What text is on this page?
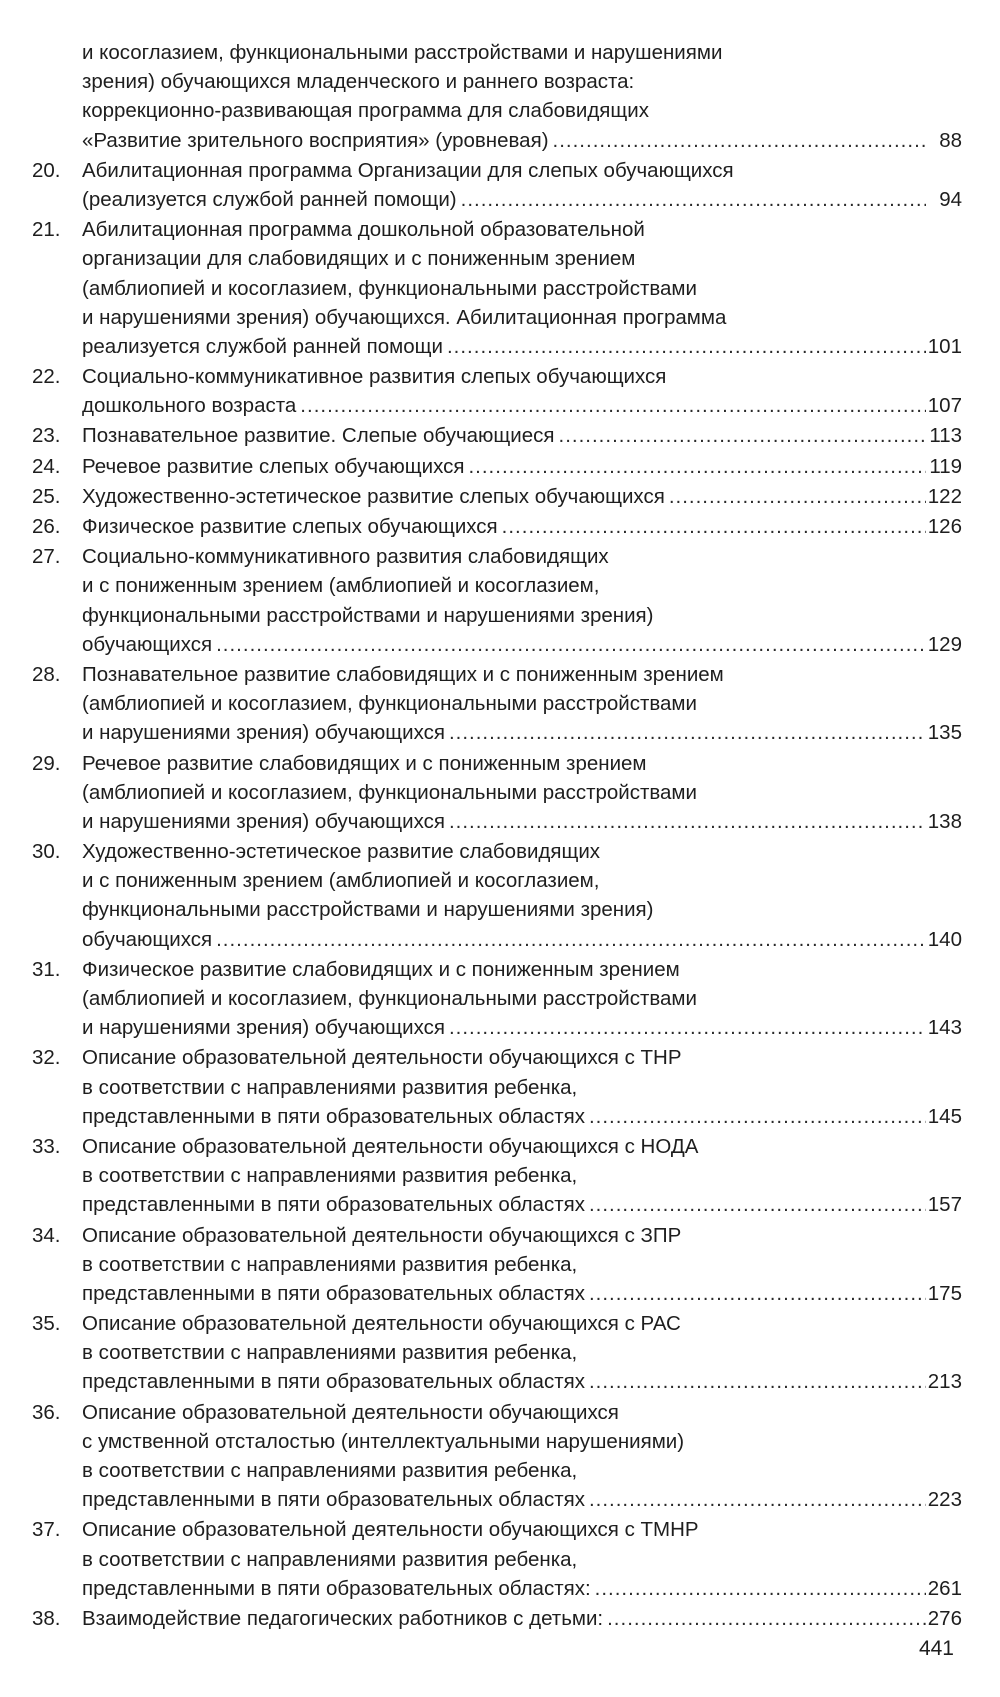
и косоглазием, функциональными расстройствами и нарушениями
зрения) обучающихся младенческого и раннего возраста:
коррекционно-развивающая программа для слабовидящих
«Развитие зрительного восприятия» (уровневая) .....	88
20.	Абилитационная программа Организации для слепых обучающихся
(реализуется службой ранней помощи) .....	94
21.	Абилитационная программа дошкольной образовательной
организации для слабовидящих и с пониженным зрением
(амблиопией и косоглазием, функциональными расстройствами
и нарушениями зрения) обучающихся. Абилитационная программа
реализуется службой ранней помощи .....	101
22.	Социально-коммуникативное развития слепых обучающихся
дошкольного возраста .....	107
23.	Познавательное развитие. Слепые обучающиеся .....	113
24.	Речевое развитие слепых обучающихся .....	119
25.	Художественно-эстетическое развитие слепых обучающихся .....	122
26.	Физическое развитие слепых обучающихся .....	126
27.	Социально-коммуникативного развития слабовидящих
и с пониженным зрением (амблиопией и косоглазием,
функциональными расстройствами и нарушениями зрения)
обучающихся .....	129
28.	Познавательное развитие слабовидящих и с пониженным зрением
(амблиопией и косоглазием, функциональными расстройствами
и нарушениями зрения) обучающихся .....	135
29.	Речевое развитие слабовидящих и с пониженным зрением
(амблиопией и косоглазием, функциональными расстройствами
и нарушениями зрения) обучающихся .....	138
30.	Художественно-эстетическое развитие слабовидящих
и с пониженным зрением (амблиопией и косоглазием,
функциональными расстройствами и нарушениями зрения)
обучающихся .....	140
31.	Физическое развитие слабовидящих и с пониженным зрением
(амблиопией и косоглазием, функциональными расстройствами
и нарушениями зрения) обучающихся .....	143
32.	Описание образовательной деятельности обучающихся с ТНР
в соответствии с направлениями развития ребенка,
представленными в пяти образовательных областях .....	145
33.	Описание образовательной деятельности обучающихся с НОДА
в соответствии с направлениями развития ребенка,
представленными в пяти образовательных областях .....	157
34.	Описание образовательной деятельности обучающихся с ЗПР
в соответствии с направлениями развития ребенка,
представленными в пяти образовательных областях .....	175
35.	Описание образовательной деятельности обучающихся с РАС
в соответствии с направлениями развития ребенка,
представленными в пяти образовательных областях .....	213
36.	Описание образовательной деятельности обучающихся
с умственной отсталостью (интеллектуальными нарушениями)
в соответствии с направлениями развития ребенка,
представленными в пяти образовательных областях .....	223
37.	Описание образовательной деятельности обучающихся с ТМНР
в соответствии с направлениями развития ребенка,
представленными в пяти образовательных областях: .....	261
38.	Взаимодействие педагогических работников с детьми: .....	276
441
